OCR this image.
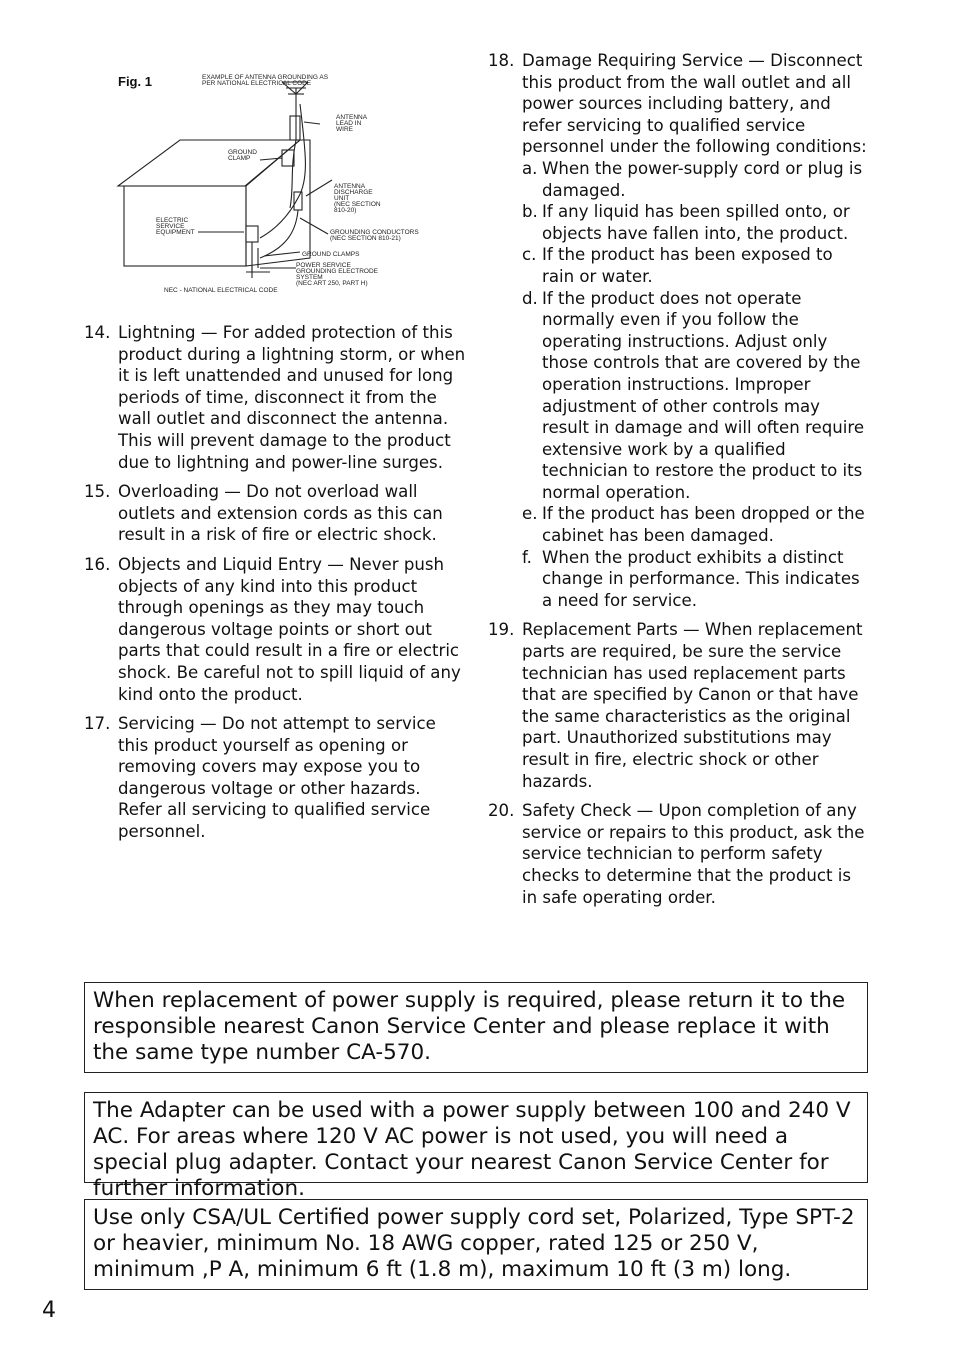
Fig. 1	EXAMPLE OF ANTENNA GROUNDING AS
PER NATIONAL ELECTRICAL CODE
ANTENNA
LEAD IN
WIRE
GROUND
CLAMP
ANTENNA
DISCHARGE
UNIT
(NEC SECTION
810-20)
ELECTRIC
SERVICE
EQUIPMENT	GROUNDING CONDUCTORS
(NEC SECTION 810-21)
GROUND CLAMPS
POWER SERVICE
GROUNDING ELECTRODE
SYSTEM
(NEC ART 250, PART H)
NEC - NATIONAL ELECTRICAL CODE
14. Lightning — For added protection of this product during a lightning storm, or when it is left unattended and unused for long periods of time, disconnect it from the wall outlet and disconnect the antenna. This will prevent damage to the product due to lightning and power-line surges.
15. Overloading — Do not overload wall outlets and extension cords as this can result in a risk of fire or electric shock.
16. Objects and Liquid Entry — Never push objects of any kind into this product through openings as they may touch dangerous voltage points or short out parts that could result in a fire or electric shock. Be careful not to spill liquid of any kind onto the product.
17. Servicing — Do not attempt to service this product yourself as opening or removing covers may expose you to dangerous voltage or other hazards. Refer all servicing to qualified service personnel.
18. Damage Requiring Service — Disconnect this product from the wall outlet and all power sources including battery, and refer servicing to qualified service personnel under the following conditions:
a. When the power-supply cord or plug is damaged.
b. If any liquid has been spilled onto, or objects have fallen into, the product.
c. If the product has been exposed to rain or water.
d. If the product does not operate normally even if you follow the operating instructions. Adjust only those controls that are covered by the operation instructions. Improper adjustment of other controls may result in damage and will often require extensive work by a qualified technician to restore the product to its normal operation.
e. If the product has been dropped or the cabinet has been damaged.
f. When the product exhibits a distinct change in performance. This indicates a need for service.
19. Replacement Parts — When replacement parts are required, be sure the service technician has used replacement parts that are specified by Canon or that have the same characteristics as the original part. Unauthorized substitutions may result in fire, electric shock or other hazards.
20. Safety Check — Upon completion of any service or repairs to this product, ask the service technician to perform safety checks to determine that the product is in safe operating order.
When replacement of power supply is required, please return it to the responsible nearest Canon Service Center and please replace it with the same type number CA-570.
The Adapter can be used with a power supply between 100 and 240 V AC. For areas where 120 V AC power is not used, you will need a special plug adapter. Contact your nearest Canon Service Center for further information.
Use only CSA/UL Certified power supply cord set, Polarized, Type SPT-2 or heavier, minimum No. 18 AWG copper, rated 125 or 250 V, minimum ,P A, minimum 6 ft (1.8 m), maximum 10 ft (3 m) long.
4
